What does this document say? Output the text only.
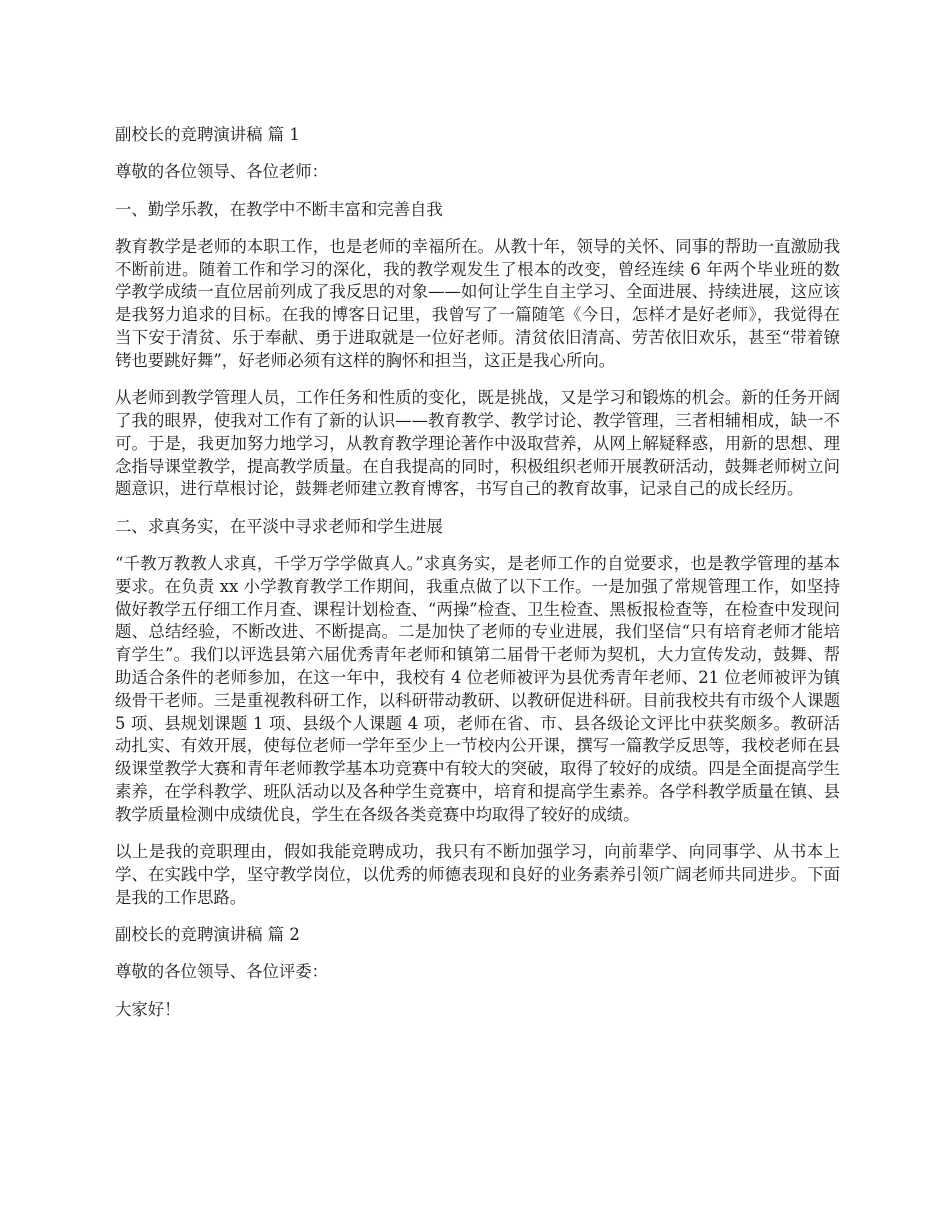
副校长的竞聘演讲稿 篇 1

尊敬的各位领导、各位老师：

一、勤学乐教，在教学中不断丰富和完善自我

教育教学是老师的本职工作，也是老师的幸福所在。从教十年，领导的关怀、同事的帮助一直激励我不断前进。随着工作和学习的深化，我的教学观发生了根本的改变，曾经连续 6 年两个毕业班的数学教学成绩一直位居前列成了我反思的对象——如何让学生自主学习、全面进展、持续进展，这应该是我努力追求的目标。在我的博客日记里，我曾写了一篇随笔《今日，怎样才是好老师》，我觉得在当下安于清贫、乐于奉献、勇于进取就是一位好老师。清贫依旧清高、劳苦依旧欢乐，甚至“带着镣铐也要跳好舞”，好老师必须有这样的胸怀和担当，这正是我心所向。

从老师到教学管理人员，工作任务和性质的变化，既是挑战，又是学习和锻炼的机会。新的任务开阔了我的眼界，使我对工作有了新的认识——教育教学、教学讨论、教学管理，三者相辅相成，缺一不可。于是，我更加努力地学习，从教育教学理论著作中汲取营养，从网上解疑释惑，用新的思想、理念指导课堂教学，提高教学质量。在自我提高的同时，积极组织老师开展教研活动，鼓舞老师树立问题意识，进行草根讨论，鼓舞老师建立教育博客，书写自己的教育故事，记录自己的成长经历。

二、求真务实，在平淡中寻求老师和学生进展

“千教万教教人求真，千学万学学做真人。”求真务实，是老师工作的自觉要求，也是教学管理的基本要求。在负责 xx 小学教育教学工作期间，我重点做了以下工作。一是加强了常规管理工作，如坚持做好教学五仔细工作月查、课程计划检查、“两操”检查、卫生检查、黑板报检查等，在检查中发现问题、总结经验，不断改进、不断提高。二是加快了老师的专业进展，我们坚信“只有培育老师才能培育学生”。我们以评选县第六届优秀青年老师和镇第二届骨干老师为契机，大力宣传发动，鼓舞、帮助适合条件的老师参加，在这一年中，我校有 4 位老师被评为县优秀青年老师、21 位老师被评为镇级骨干老师。三是重视教科研工作，以科研带动教研、以教研促进科研。目前我校共有市级个人课题 5 项、县规划课题 1 项、县级个人课题 4 项，老师在省、市、县各级论文评比中获奖颇多。教研活动扎实、有效开展，使每位老师一学年至少上一节校内公开课，撰写一篇教学反思等，我校老师在县级课堂教学大赛和青年老师教学基本功竞赛中有较大的突破，取得了较好的成绩。四是全面提高学生素养，在学科教学、班队活动以及各种学生竞赛中，培育和提高学生素养。各学科教学质量在镇、县教学质量检测中成绩优良，学生在各级各类竞赛中均取得了较好的成绩。

以上是我的竞职理由，假如我能竞聘成功，我只有不断加强学习，向前辈学、向同事学、从书本上学、在实践中学，坚守教学岗位，以优秀的师德表现和良好的业务素养引领广阔老师共同进步。下面是我的工作思路。

副校长的竞聘演讲稿 篇 2

尊敬的各位领导、各位评委：

大家好！
